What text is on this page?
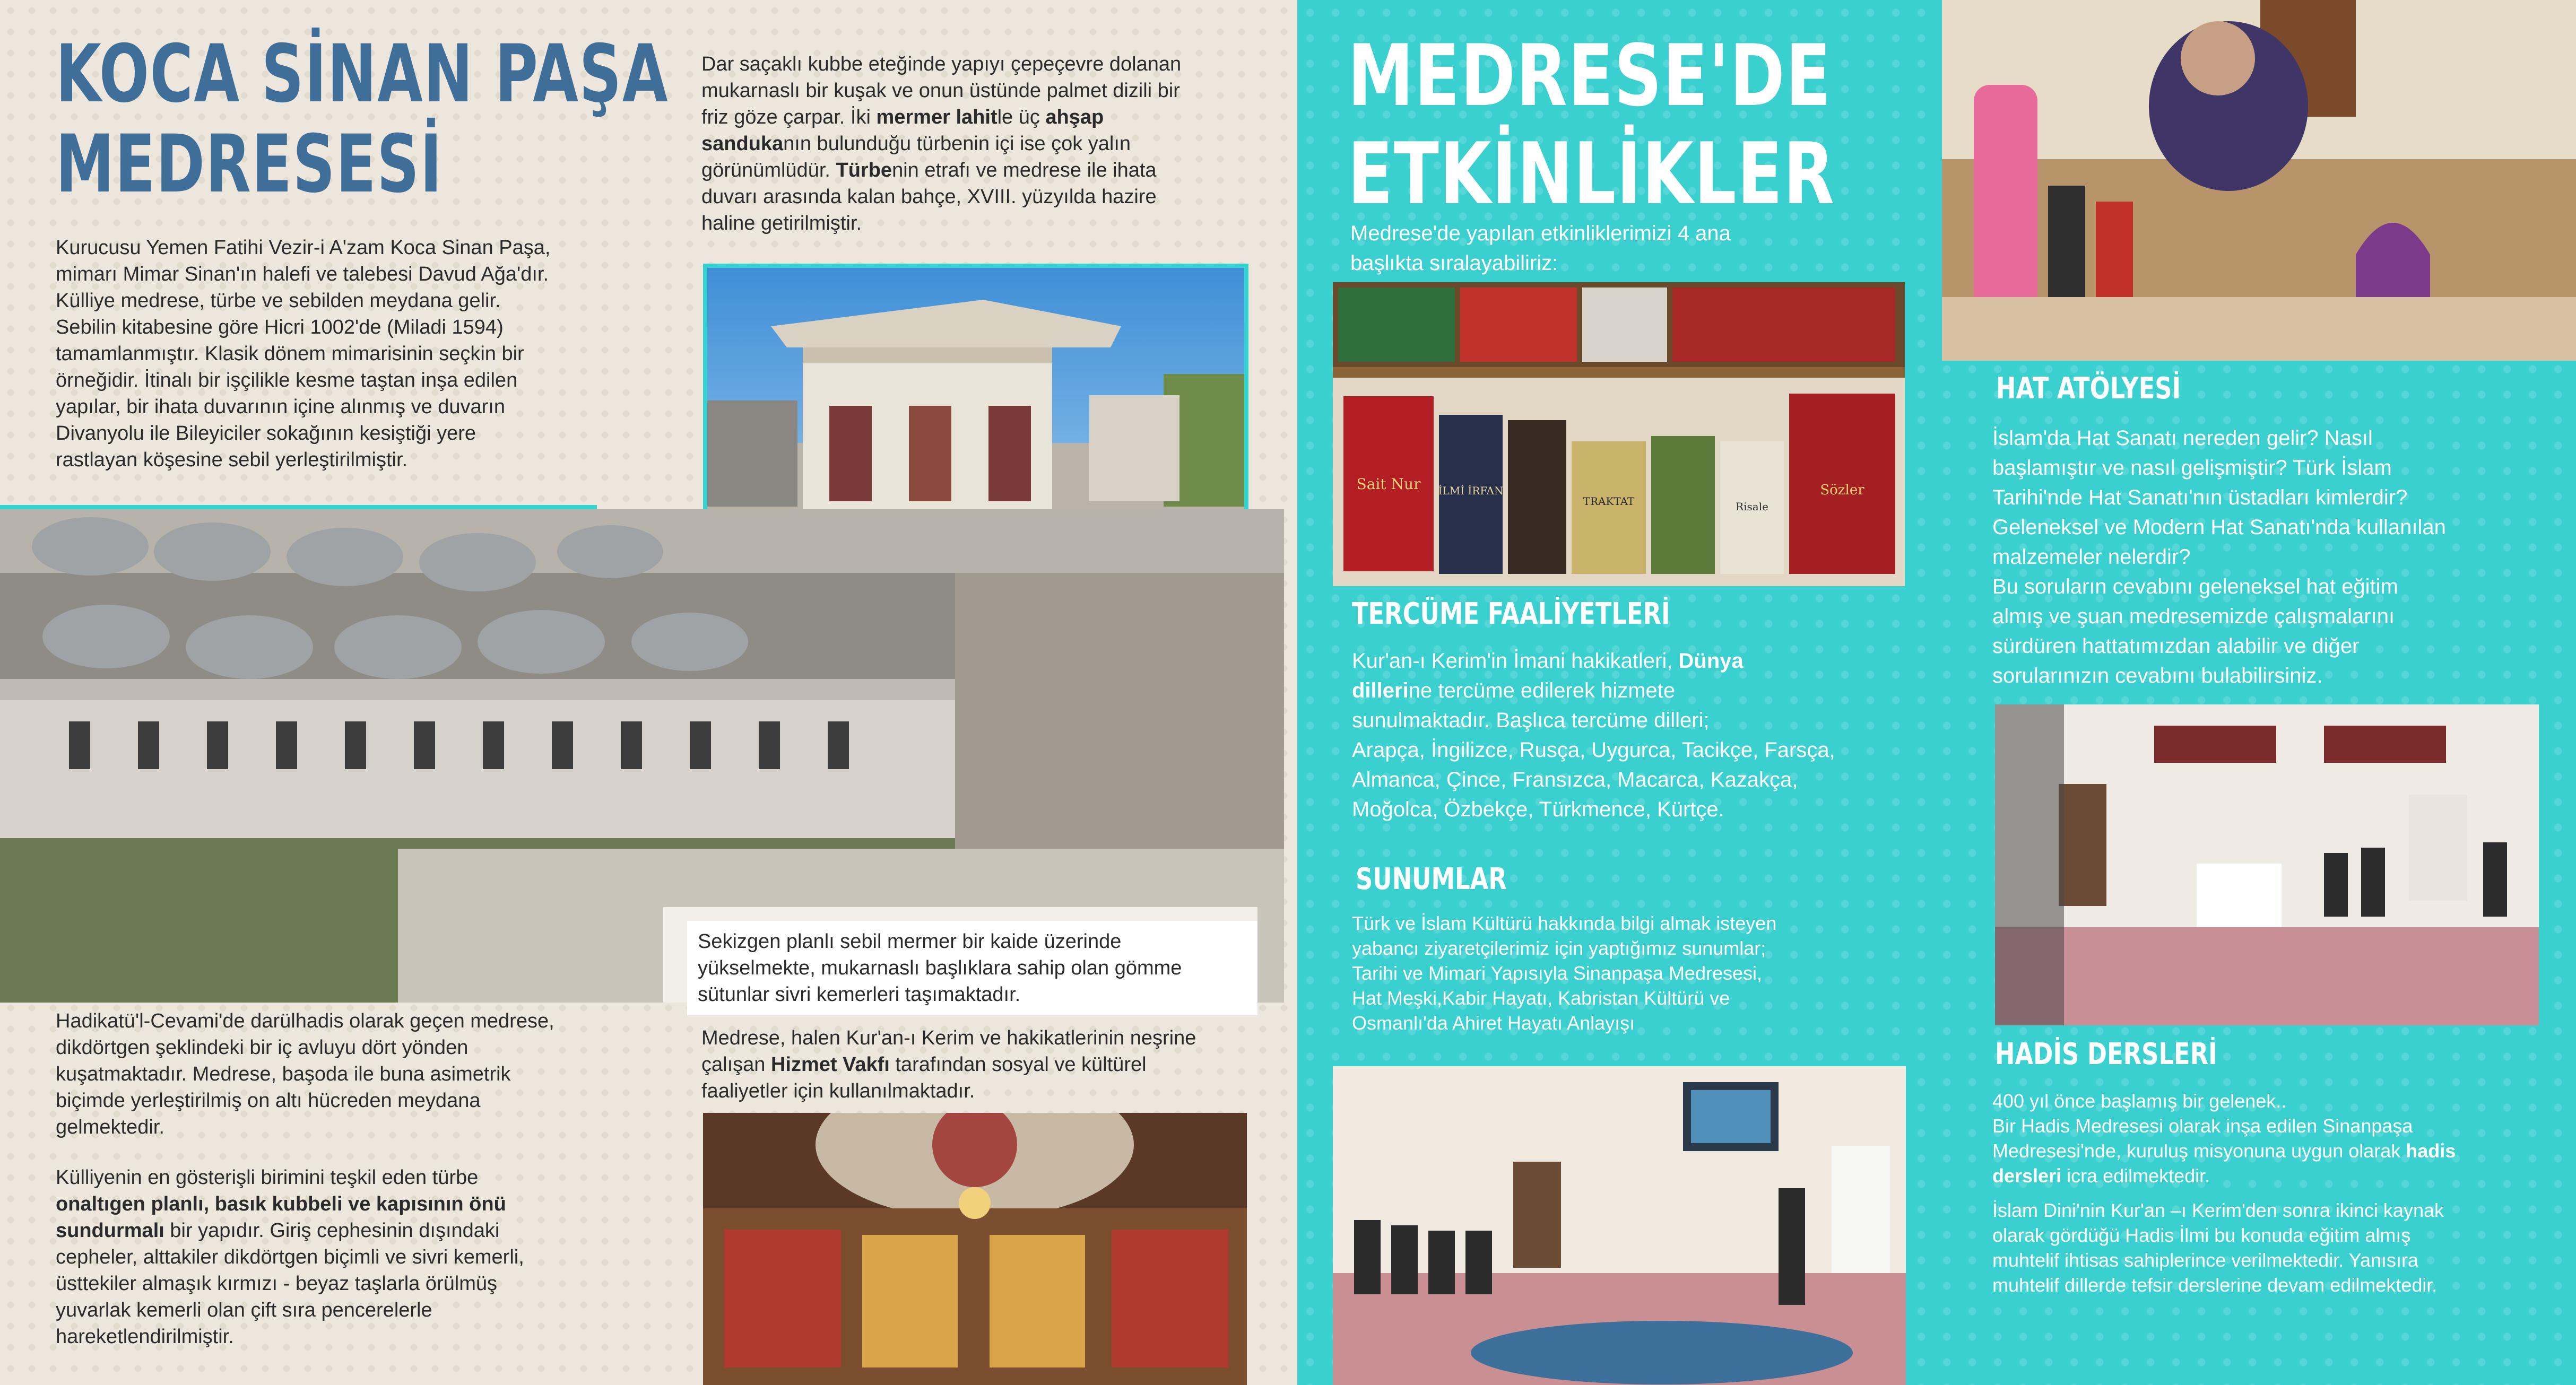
KOCA SİNAN PAŞA
MEDRESESİ
Kurucusu Yemen Fatihi Vezir-i A'zam Koca Sinan Paşa,
mimarı Mimar Sinan'ın halefi ve talebesi Davud Ağa'dır.
Külliye medrese, türbe ve sebilden meydana gelir.
Sebilin kitabesine göre Hicri 1002'de (Miladi 1594)
tamamlanmıştır. Klasik dönem mimarisinin seçkin bir
örneğidir. İtinalı bir işçilikle kesme taştan inşa edilen
yapılar, bir ihata duvarının içine alınmış ve duvarın
Divanyolu ile Bileyiciler sokağının kesiştiği yere
rastlayan köşesine sebil yerleştirilmiştir.
Dar saçaklı kubbe eteğinde yapıyı çepeçevre dolanan
mukarnaslı bir kuşak ve onun üstünde palmet dizili bir
friz göze çarpar. İki mermer lahitle üç ahşap
sandukanın bulunduğu türbenin içi ise çok yalın
görünümlüdür. Türbenin etrafı ve medrese ile ihata
duvarı arasında kalan bahçe, XVIII. yüzyılda hazire
haline getirilmiştir.
Sekizgen planlı sebil mermer bir kaide üzerinde
yükselmekte, mukarnaslı başlıklara sahip olan gömme
sütunlar sivri kemerleri taşımaktadır.
Medrese, halen Kur'an-ı Kerim ve hakikatlerinin neşrine
çalışan Hizmet Vakfı tarafından sosyal ve kültürel
faaliyetler için kullanılmaktadır.
Hadikatü'l-Cevami'de darülhadis olarak geçen medrese,
dikdörtgen şeklindeki bir iç avluyu dört yönden
kuşatmaktadır. Medrese, başoda ile buna asimetrik
biçimde yerleştirilmiş on altı hücreden meydana
gelmektedir.
Külliyenin en gösterişli birimini teşkil eden türbe
onaltıgen planlı, basık kubbeli ve kapısının önü
sundurmalı bir yapıdır. Giriş cephesinin dışındaki
cepheler, alttakiler dikdörtgen biçimli ve sivri kemerli,
üsttekiler almaşık kırmızı - beyaz taşlarla örülmüş
yuvarlak kemerli olan çift sıra pencerelerle
hareketlendirilmiştir.
MEDRESE'DE
ETKİNLİKLER
Medrese'de yapılan etkinliklerimizi 4 ana
başlıkta sıralayabiliriz:
Sait Nur İLMİ İRFAN
TRAKTAT
Sözler
Risale
TERCÜME FAALİYETLERİ
Kur'an-ı Kerim'in İmani hakikatleri, Dünya
dillerine tercüme edilerek hizmete
sunulmaktadır. Başlıca tercüme dilleri;
Arapça, İngilizce, Rusça, Uygurca, Tacikçe, Farsça,
Almanca, Çince, Fransızca, Macarca, Kazakça,
Moğolca, Özbekçe, Türkmence, Kürtçe.
SUNUMLAR
Türk ve İslam Kültürü hakkında bilgi almak isteyen
yabancı ziyaretçilerimiz için yaptığımız sunumlar;
Tarihi ve Mimari Yapısıyla Sinanpaşa Medresesi,
Hat Meşki,Kabir Hayatı, Kabristan Kültürü ve
Osmanlı'da Ahiret Hayatı Anlayışı
HAT ATÖLYESİ
İslam'da Hat Sanatı nereden gelir? Nasıl
başlamıştır ve nasıl gelişmiştir? Türk İslam
Tarihi'nde Hat Sanatı'nın üstadları kimlerdir?
Geleneksel ve Modern Hat Sanatı'nda kullanılan
malzemeler nelerdir?
Bu soruların cevabını geleneksel hat eğitim
almış ve şuan medresemizde çalışmalarını
sürdüren hattatımızdan alabilir ve diğer
sorularınızın cevabını bulabilirsiniz.
HADİS DERSLERİ
400 yıl önce başlamış bir gelenek..
Bir Hadis Medresesi olarak inşa edilen Sinanpaşa
Medresesi'nde, kuruluş misyonuna uygun olarak hadis
dersleri icra edilmektedir.
İslam Dini'nin Kur'an –ı Kerim'den sonra ikinci kaynak
olarak gördüğü Hadis İlmi bu konuda eğitim almış
muhtelif ihtisas sahiplerince verilmektedir. Yanısıra
muhtelif dillerde tefsir derslerine devam edilmektedir.
